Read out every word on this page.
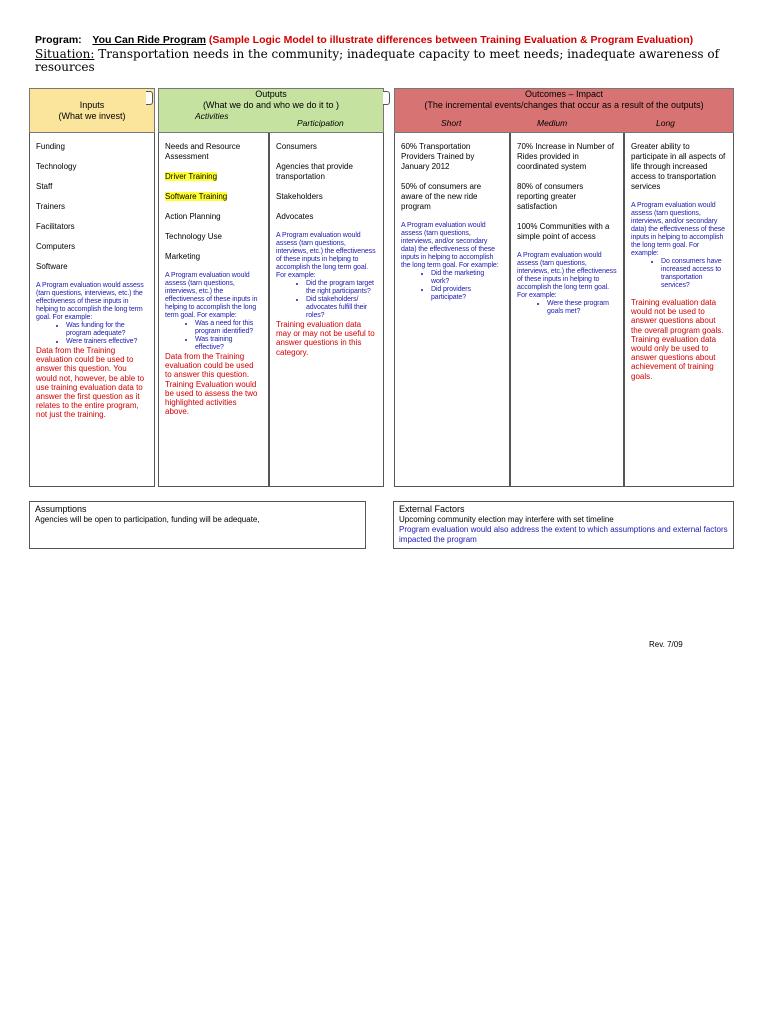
Program: You Can Ride Program (Sample Logic Model to illustrate differences between Training Evaluation & Program Evaluation)
Situation: Transportation needs in the community; inadequate capacity to meet needs; inadequate awareness of resources
Inputs
(What we invest)
Outputs
(What we do and who we do it to )
Activities
Participation
Outcomes – Impact
(The incremental events/changes that occur as a result of the outputs)
Short	Medium	Long
Funding
Technology
Staff
Trainers
Facilitators
Computers
Software
A Program evaluation would assess (tarn questions, interviews, etc.) the effectiveness of these inputs in helping to accomplish the long term goal. For example:
• Was funding for the program adequate?
• Were trainers effective?
Data from the Training evaluation could be used to answer this question. You would not, however, be able to use training evaluation data to answer the first question as it relates to the entire program, not just the training.
Needs and Resource Assessment
Driver Training
Software Training
Action Planning
Technology Use
Marketing
A Program evaluation would assess (tarn questions, interviews, etc.) the effectiveness of these inputs in helping to accomplish the long term goal. For example:
• Was a need for this program identified?
• Was training effective?
Data from the Training evaluation could be used to answer this question. Training Evaluation would be used to assess the two highlighted activities above.
Consumers
Agencies that provide transportation
Stakeholders
Advocates
A Program evaluation would assess (tarn questions, interviews, etc.) the effectiveness of these inputs in helping to accomplish the long term goal. For example:
• Did the program target the right participants?
• Did stakeholders/ advocates fulfill their roles?
Training evaluation data may or may not be useful to answer questions in this category.
60% Transportation Providers Trained by January 2012
50% of consumers are aware of the new ride program
A Program evaluation would assess (tarn questions, interviews, and/or secondary data) the effectiveness of these inputs in helping to accomplish the long term goal. For example:
• Did the marketing work?
• Did providers participate?
70% Increase in Number of Rides provided in coordinated system
80% of consumers reporting greater satisfaction
100% Communities with a simple point of access
A Program evaluation would assess (tarn questions, interviews, etc.) the effectiveness of these inputs in helping to accomplish the long term goal. For example:
• Were these program goals met?
Greater ability to participate in all aspects of life through increased access to transportation services
A Program evaluation would assess (tarn questions, interviews, and/or secondary data) the effectiveness of these inputs in helping to accomplish the long term goal. For example:
• Do consumers have increased access to transportation services?
Training evaluation data would not be used to answer questions about the overall program goals. Training evaluation data would only be used to answer questions about achievement of training goals.
Assumptions
Agencies will be open to participation, funding will be adequate,
External Factors
Upcoming community election may interfere with set timeline
Program evaluation would also address the extent to which assumptions and external factors impacted the program
Rev. 7/09
